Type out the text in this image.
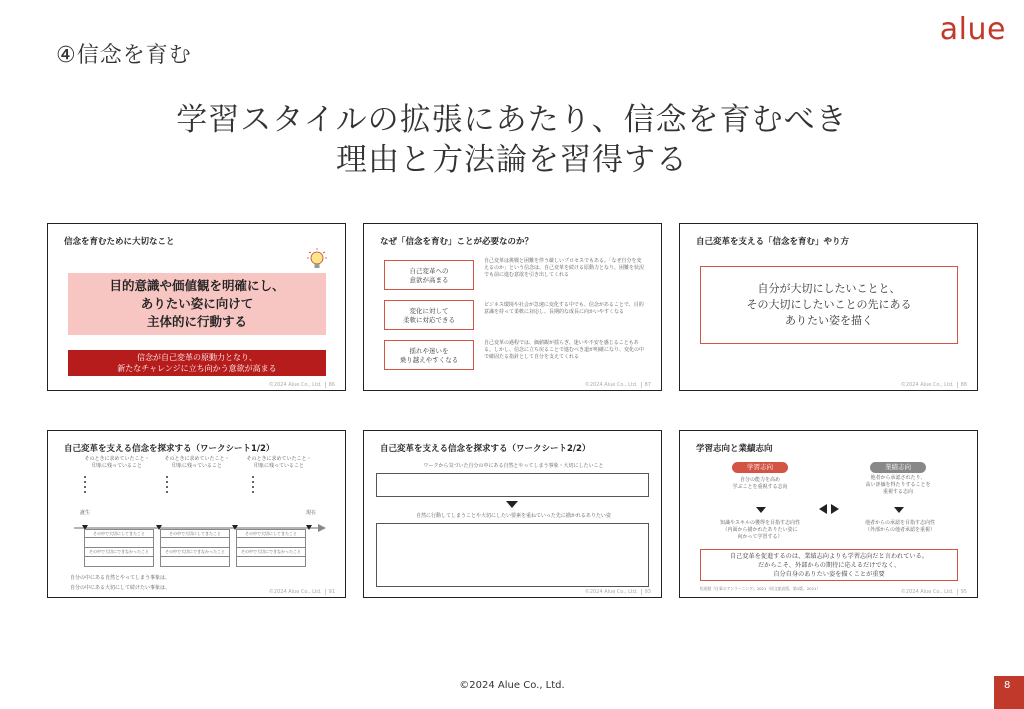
④信念を育む
alue
学習スタイルの拡張にあたり、信念を育むべき
理由と方法論を習得する
信念を育むために大切なこと
目的意識や価値観を明確にし、
ありたい姿に向けて
主体的に行動する
信念が自己変革の原動力となり、
新たなチャレンジに立ち向かう意欲が高まる
©2024 Alue Co., Ltd. 86
なぜ「信念を育む」ことが必要なのか？
自己変革への
意欲が高まる
自己変革は挑戦と困難を伴う厳しいプロセスでもある。「なぜ自分を変えるのか」という信念は、自己変革を続ける原動力となり、困難を状況でも前に進む意欲を引き出してくれる
変化に対して
柔軟に対応できる
ビジネス環境や社会が急速に変化する中でも、信念があることで、目的意識を持って柔軟に対応し、長期的な成長に向かいやすくなる
揺れや迷いを
乗り越えやすくなる
自己変革の過程では、価値観が揺らぎ、迷いや不安を感じることもある。しかし、信念に立ち戻ることで進むべき道が明確になり、変化の中で確固たる指針として自分を支えてくれる
©2024 Alue Co., Ltd. 87
自己変革を支える「信念を育む」やり方
自分が大切にしたいことと、
その大切にしたいことの先にある
ありたい姿を描く
©2024 Alue Co., Ltd. 88
自己変革を支える信念を探求する（ワークシート1/2）
そのときに求めていたこと・
印象に残っていること
そのときに求めていたこと・
印象に残っていること
そのときに求めていたこと・
印象に残っていること
誕生	現在
その中で大切にしてきたこと
その中で大切にできなかったこと
その中で大切にしてきたこと
その中で大切にできなかったこと
その中で大切にしてきたこと
その中で大切にできなかったこと
自分の中にある自然とやってしまう事象は、
自分の中にある大切にして続けたい事象は、
©2024 Alue Co., Ltd. 91
自己変革を支える信念を探求する（ワークシート2/2）
ワークから気づいた自分の中にある自然とやってしまう事象・大切にしたいこと
自然に行動してしまうことや大切にしたい要素を重ねていった先に描かれるありたい姿
©2024 Alue Co., Ltd. 93
学習志向と業績志向
学習志向	業績志向
自分の能力を高め
学ぶことを重視する志向
他者から承認されたり、
高い評価を得たりすることを
重視する志向
知識やスキルの獲得を目指す志向性
（内面から描かれたありたい姿に
向かって学習する）
他者からの承認を目指す志向性
（外部からの他者承認を重視）
自己変革を促進するのは、業績志向よりも学習志向だと言われている。
だからこそ、外部からの期待に応えるだけでなく、
自分自身のありたい姿を描くことが重要
松尾睦『仕事のアンラーニング』2021（同文舘出版、第1版、2021）
©2024 Alue Co., Ltd. 95
©2024 Alue Co., Ltd.	8
